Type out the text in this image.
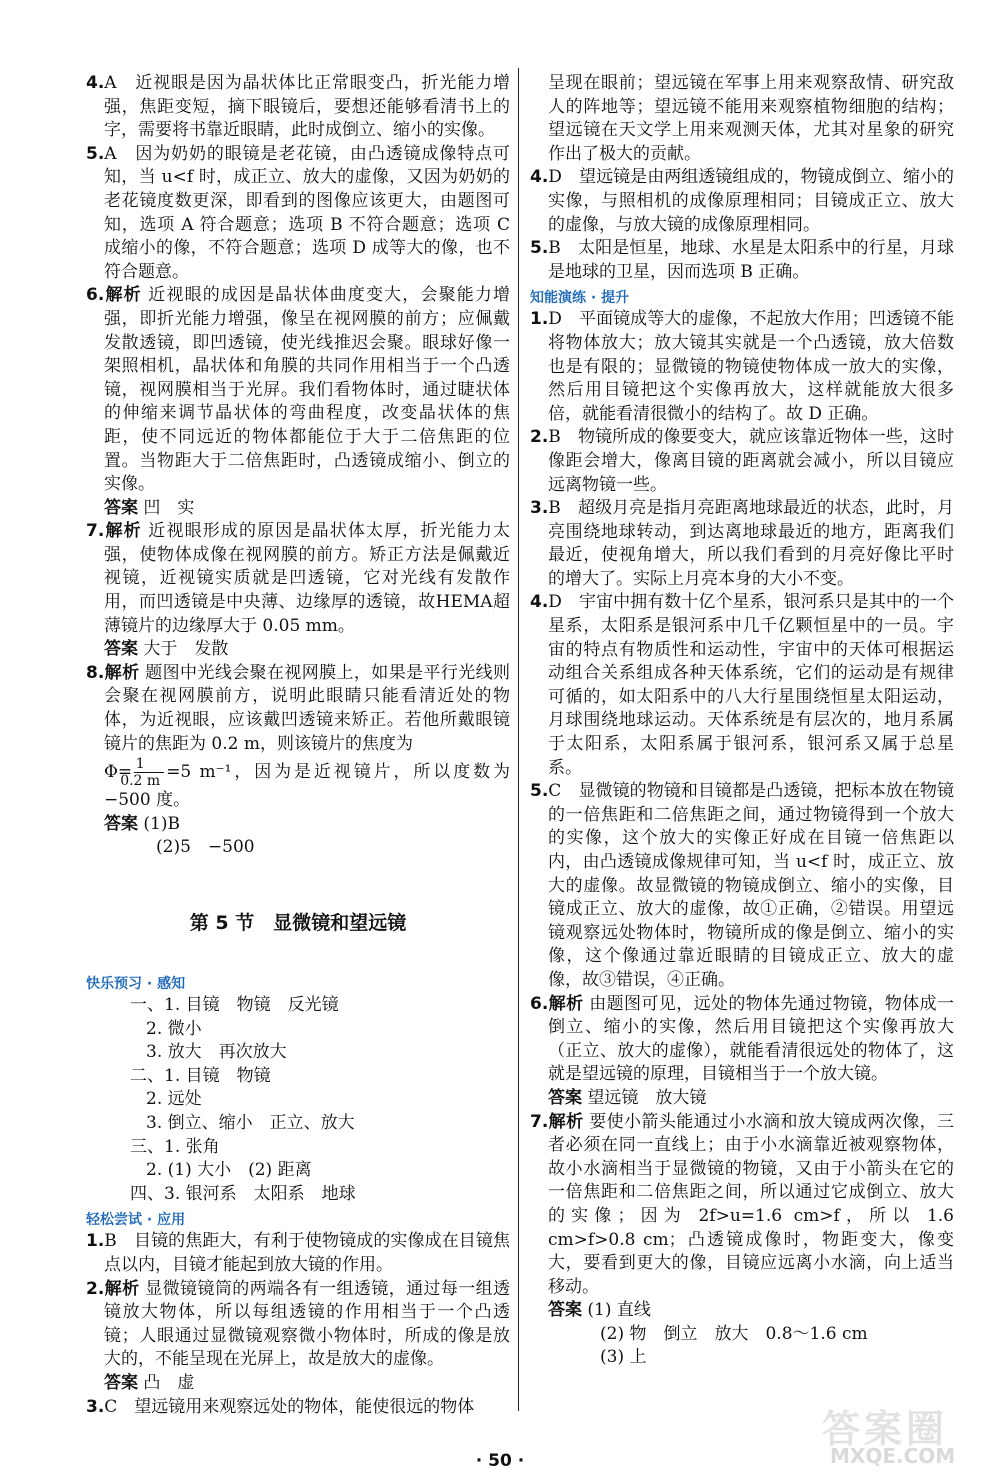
4.A　近视眼是因为晶状体比正常眼变凸，折光能力增强，焦距变短，摘下眼镜后，要想还能够看清书上的字，需要将书靠近眼睛，此时成倒立、缩小的实像。

5.A　因为奶奶的眼镜是老花镜，由凸透镜成像特点可知，当 u<f 时，成正立、放大的虚像，又因为奶奶的老花镜度数更深，即看到的图像应该更大，由题图可知，选项 A 符合题意；选项 B 不符合题意；选项 C 成缩小的像，不符合题意；选项 D 成等大的像，也不符合题意。

6.解析 近视眼的成因是晶状体曲度变大，会聚能力增强，即折光能力增强，像呈在视网膜的前方；应佩戴发散透镜，即凹透镜，使光线推迟会聚。眼球好像一架照相机，晶状体和角膜的共同作用相当于一个凸透镜，视网膜相当于光屏。我们看物体时，通过睫状体的伸缩来调节晶状体的弯曲程度，改变晶状体的焦距，使不同远近的物体都能位于大于二倍焦距的位置。当物距大于二倍焦距时，凸透镜成缩小、倒立的实像。

答案 凹　实

7.解析 近视眼形成的原因是晶状体太厚，折光能力太强，使物体成像在视网膜的前方。矫正方法是佩戴近视镜，近视镜实质就是凹透镜，它对光线有发散作用，而凹透镜是中央薄、边缘厚的透镜，故HEMA超薄镜片的边缘厚大于 0.05 mm。

答案 大于　发散

8.解析 题图中光线会聚在视网膜上，如果是平行光线则会聚在视网膜前方，说明此眼睛只能看清近处的物体，为近视眼，应该戴凹透镜来矫正。若他所戴眼镜镜片的焦距为 0.2 m，则该镜片的焦度为
$\Phi= \frac{1}{0.2 m} =5$ m⁻¹，因为是近视镜片，所以度数为 −500 度。

答案 (1)B

(2)5　−500

第 5 节　显微镜和望远镜

快乐预习 · 感知

一、1. 目镜　物镜　反光镜

2. 微小

3. 放大　再次放大

二、1. 目镜　物镜

2. 远处

3. 倒立、缩小　正立、放大

三、1. 张角

2. (1) 大小　(2) 距离

四、3. 银河系　太阳系　地球

轻松尝试 · 应用

1.B　目镜的焦距大，有利于使物镜成的实像成在目镜焦点以内，目镜才能起到放大镜的作用。

2.解析 显微镜镜筒的两端各有一组透镜，通过每一组透镜放大物体，所以每组透镜的作用相当于一个凸透镜；人眼通过显微镜观察微小物体时，所成的像是放大的，不能呈现在光屏上，故是放大的虚像。

答案 凸　虚

3.C　望远镜用来观察远处的物体，能使很远的物体

呈现在眼前；望远镜在军事上用来观察敌情、研究敌人的阵地等；望远镜不能用来观察植物细胞的结构；望远镜在天文学上用来观测天体，尤其对星象的研究作出了极大的贡献。

4.D　望远镜是由两组透镜组成的，物镜成倒立、缩小的实像，与照相机的成像原理相同；目镜成正立、放大的虚像，与放大镜的成像原理相同。

5.B　太阳是恒星，地球、水星是太阳系中的行星，月球是地球的卫星，因而选项 B 正确。

知能演练 · 提升

1.D　平面镜成等大的虚像，不起放大作用；凹透镜不能将物体放大；放大镜其实就是一个凸透镜，放大倍数也是有限的；显微镜的物镜使物体成一放大的实像，然后用目镜把这个实像再放大，这样就能放大很多倍，就能看清很微小的结构了。故 D 正确。

2.B　物镜所成的像要变大，就应该靠近物体一些，这时像距会增大，像离目镜的距离就会减小，所以目镜应远离物镜一些。

3.B　超级月亮是指月亮距离地球最近的状态，此时，月亮围绕地球转动，到达离地球最近的地方，距离我们最近，使视角增大，所以我们看到的月亮好像比平时的增大了。实际上月亮本身的大小不变。

4.D　宇宙中拥有数十亿个星系，银河系只是其中的一个星系，太阳系是银河系中几千亿颗恒星中的一员。宇宙的特点有物质性和运动性，宇宙中的天体可根据运动组合关系组成各种天体系统，它们的运动是有规律可循的，如太阳系中的八大行星围绕恒星太阳运动，月球围绕地球运动。天体系统是有层次的，地月系属于太阳系，太阳系属于银河系，银河系又属于总星系。

5.C　显微镜的物镜和目镜都是凸透镜，把标本放在物镜的一倍焦距和二倍焦距之间，通过物镜得到一个放大的实像，这个放大的实像正好成在目镜一倍焦距以内，由凸透镜成像规律可知，当 u<f 时，成正立、放大的虚像。故显微镜的物镜成倒立、缩小的实像，目镜成正立、放大的虚像，故①正确，②错误。用望远镜观察远处物体时，物镜所成的像是倒立、缩小的实像，这个像通过靠近眼睛的目镜成正立、放大的虚像，故③错误，④正确。

6.解析 由题图可见，远处的物体先通过物镜，物体成一倒立、缩小的实像，然后用目镜把这个实像再放大（正立、放大的虚像），就能看清很远处的物体了，这就是望远镜的原理，目镜相当于一个放大镜。

答案 望远镜　放大镜

7.解析 要使小箭头能通过小水滴和放大镜成两次像，三者必须在同一直线上；由于小水滴靠近被观察物体，故小水滴相当于显微镜的物镜，又由于小箭头在它的一倍焦距和二倍焦距之间，所以通过它成倒立、放大的实像；因为 2f>u=1.6 cm>f，所以 1.6 cm>f>0.8 cm；凸透镜成像时，物距变大，像变大，要看到更大的像，目镜应远离小水滴，向上适当移动。

答案 (1) 直线

(2) 物　倒立　放大　0.8～1.6 cm

(3) 上

· 50 ·
答案圈
MXQE.COM
